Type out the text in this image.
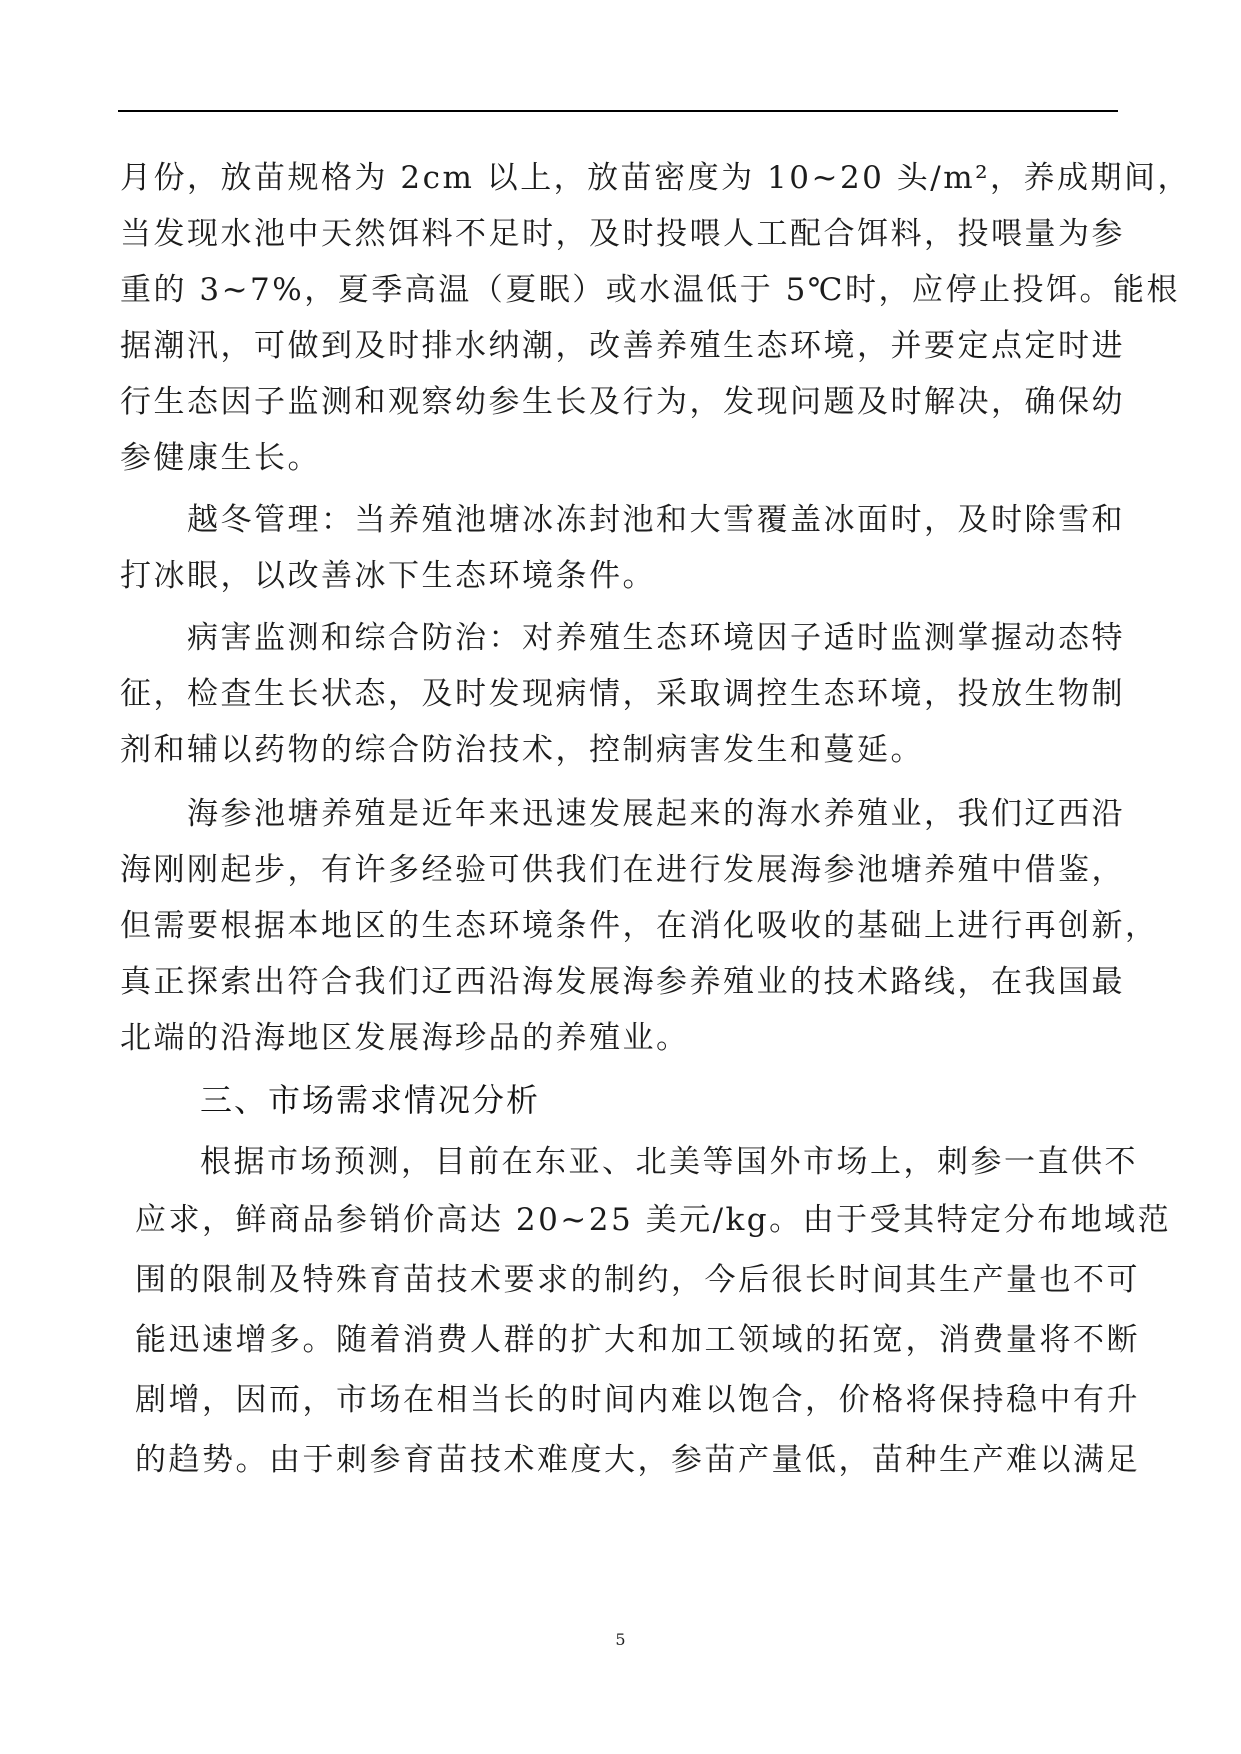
月份，放苗规格为 2cm 以上，放苗密度为 10~20 头/m²，养成期间，
当发现水池中天然饵料不足时，及时投喂人工配合饵料，投喂量为参
重的 3~7%，夏季高温（夏眠）或水温低于 5℃时，应停止投饵。能根
据潮汛，可做到及时排水纳潮，改善养殖生态环境，并要定点定时进
行生态因子监测和观察幼参生长及行为，发现问题及时解决，确保幼
参健康生长。
越冬管理：当养殖池塘冰冻封池和大雪覆盖冰面时，及时除雪和
打冰眼，以改善冰下生态环境条件。
病害监测和综合防治：对养殖生态环境因子适时监测掌握动态特
征，检查生长状态，及时发现病情，采取调控生态环境，投放生物制
剂和辅以药物的综合防治技术，控制病害发生和蔓延。
海参池塘养殖是近年来迅速发展起来的海水养殖业，我们辽西沿
海刚刚起步，有许多经验可供我们在进行发展海参池塘养殖中借鉴，
但需要根据本地区的生态环境条件，在消化吸收的基础上进行再创新，
真正探索出符合我们辽西沿海发展海参养殖业的技术路线，在我国最
北端的沿海地区发展海珍品的养殖业。
三、市场需求情况分析
根据市场预测，目前在东亚、北美等国外市场上，刺参一直供不
应求，鲜商品参销价高达 20~25 美元/kg。由于受其特定分布地域范
围的限制及特殊育苗技术要求的制约，今后很长时间其生产量也不可
能迅速增多。随着消费人群的扩大和加工领域的拓宽，消费量将不断
剧增，因而，市场在相当长的时间内难以饱合，价格将保持稳中有升
的趋势。由于刺参育苗技术难度大，参苗产量低，苗种生产难以满足
5
